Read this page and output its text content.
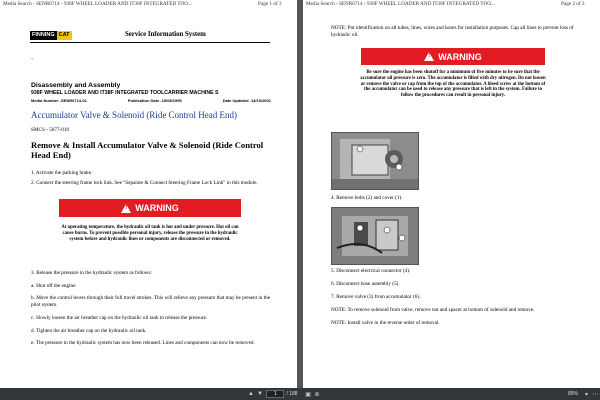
Media Search - SENR6714 - 938F WHEEL LOADER AND IT38F INTEGRATED TOO...	Page 1 of 3
FINNING CAT	Service Information System
<
Disassembly and Assembly
938F WHEEL LOADER AND IT38F INTEGRATED TOOLCARRIER MACHINE S
Media Number -SENR6714-01	Publication Date -15/08/1995	Date Updated -13/10/2001
Accumulator Valve & Solenoid (Ride Control Head End)
SMCS - 5077-010
Remove & Install Accumulator Valve & Solenoid (Ride Control Head End)
1. Activate the parking brake.
2. Connect the steering frame lock link. See "Separate & Connect Steering Frame Lock Link" in this module.
!
WARNING
At operating temperature, the hydraulic oil tank is hot and under pressure. Hot oil can cause burns. To prevent possible personal injury, release the pressure in the hydraulic system before and hydraulic lines or components are disconnected or removed.
3. Release the pressure in the hydraulic system as follows:
a. Shut off the engine.
b. Move the control levers through their full travel strokes. This will relieve any pressure that may be present in the pilot system.
c. Slowly loosen the air breather cap on the hydraulic oil tank to release the pressure.
d. Tighten the air breather cap on the hydraulic oil tank.
e. The pressure in the hydraulic system has now been released. Lines and components can now be removed.
Media Search - SENR6714 - 938F WHEEL LOADER AND IT38F INTEGRATED TOO...	Page 2 of 3
NOTE: Put identification on all tubes, lines, wires and hoses for installation purposes. Cap all lines to prevent loss of hydraulic oil.
!
WARNING
Be sure the engine has been shutoff for a minimum of five minutes to be sure that the accumulator oil pressure is zero. The accumulator is filled with dry nitrogen. Do not loosen or remove the valve or cap from the top of the accumulator. A bleed screw at the bottom of the accumulator can be used to release any pressure that is left in the system. Failure to follow the procedures can result in personal injury.
4. Remove bolts (2) and cover (1).
5. Disconnect electrical connector (4).
6. Disconnect hose assembly (5).
7. Remove valve (3) from accumulator (6).
NOTE: To remove solenoid from valve, remove nut and spacer at bottom of solenoid and remove.
NOTE: Install valve in the reverse order of removal.
▲ ▼
1	/ 188 ▣ ⊕	89%	▾ ⋯
